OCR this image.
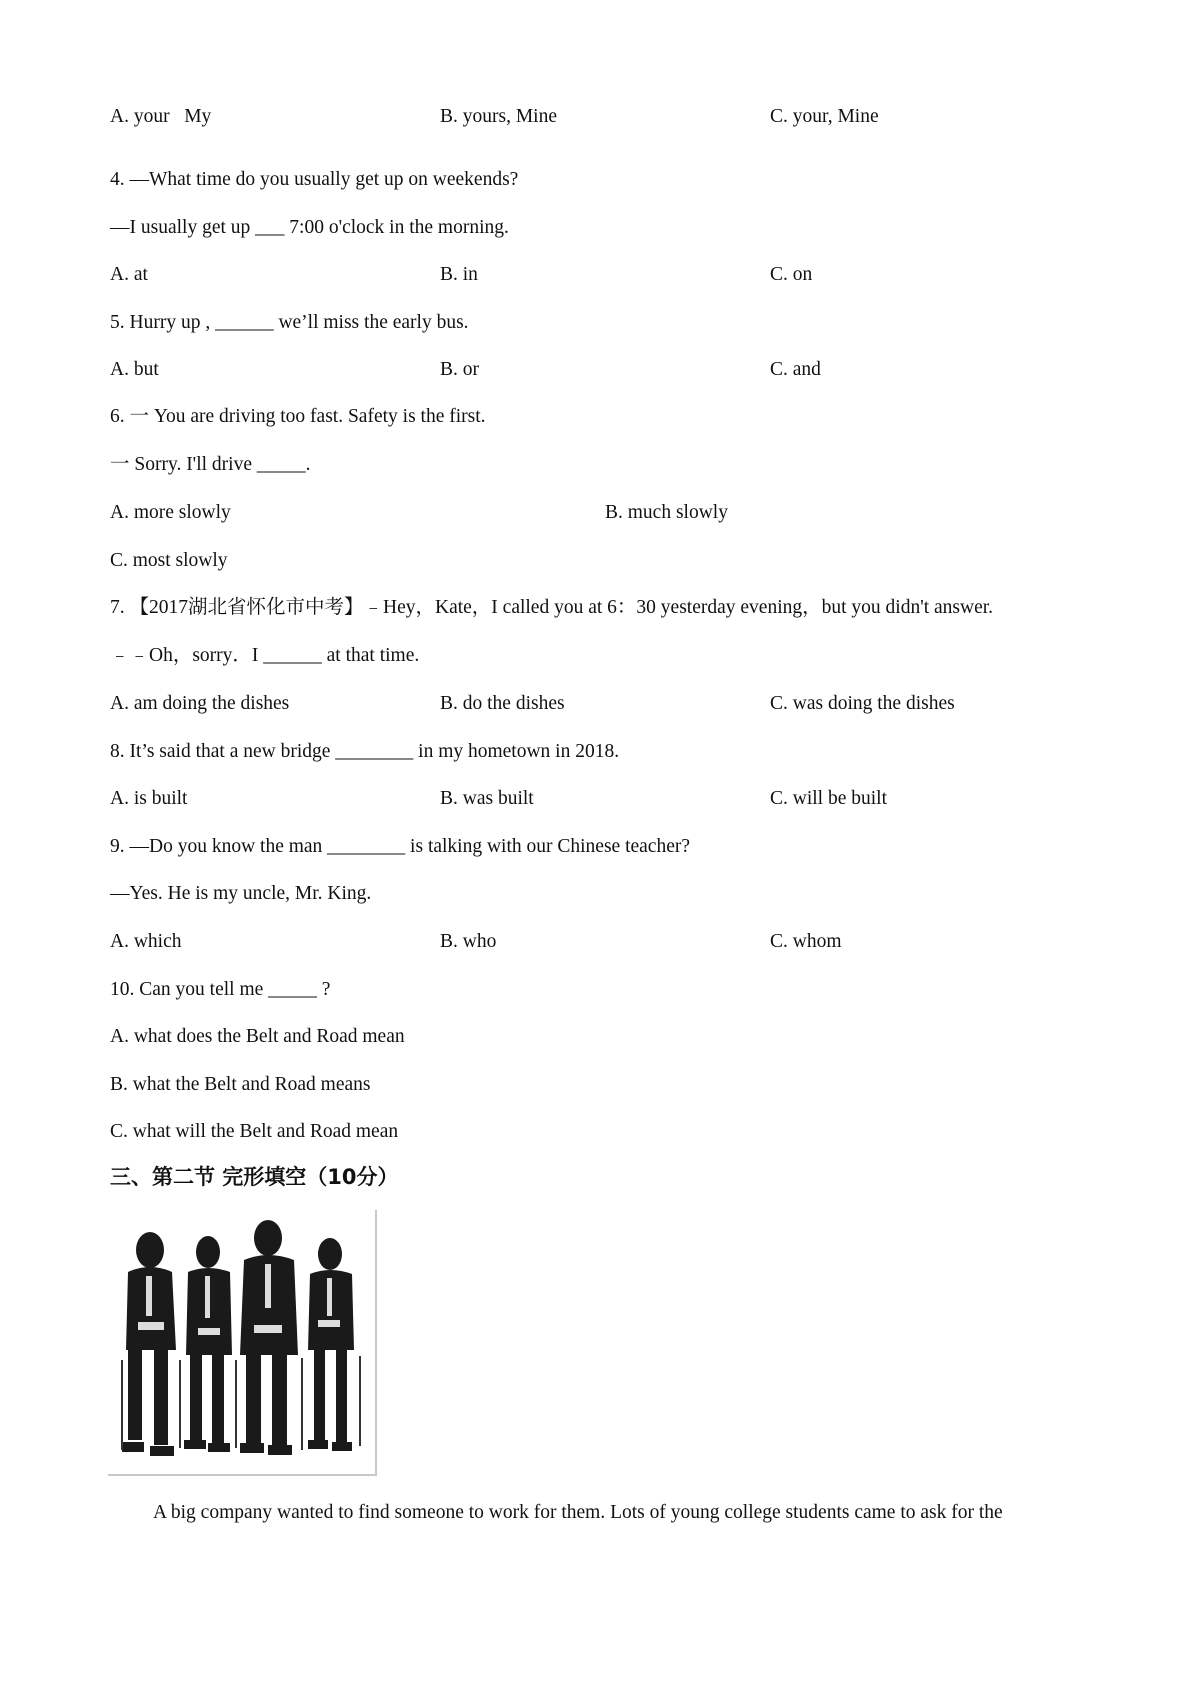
A. your   My	B. yours, Mine	C. your, Mine
4. —What time do you usually get up on weekends?
—I usually get up ___ 7:00 o'clock in the morning.
A. at	B. in	C. on
5. Hurry up , ______ we’ll miss the early bus.
A. but	B. or	C. and
6. 一 You are driving too fast. Safety is the first.
一 Sorry. I'll drive _____.
A. more slowly	B. much slowly
C. most slowly
7. 【2017湖北省怀化市中考】﹣Hey，Kate，I called you at 6：30 yesterday evening，but you didn't answer.
﹣﹣Oh，sorry．I ______ at that time.
A. am doing the dishes	B. do the dishes	C. was doing the dishes
8. It’s said that a new bridge ________ in my hometown in 2018.
A. is built	B. was built	C. will be built
9. —Do you know the man ________ is talking with our Chinese teacher?
—Yes. He is my uncle, Mr. King.
A. which	B. who	C. whom
10. Can you tell me _____ ?
A. what does the Belt and Road mean
B. what the Belt and Road means
C. what will the Belt and Road mean
三、第二节 完形填空（10分）
A big company wanted to find someone to work for them. Lots of young college students came to ask for the
